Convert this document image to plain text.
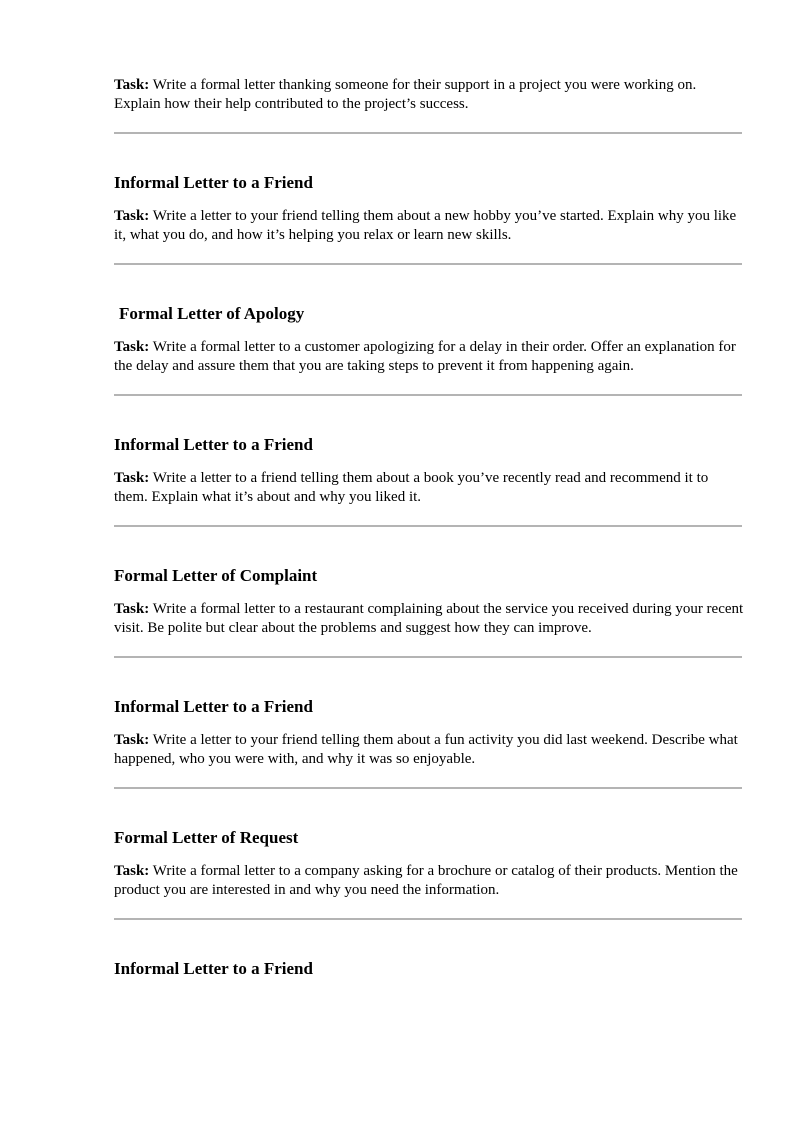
Task: Write a formal letter thanking someone for their support in a project you were working on. Explain how their help contributed to the project’s success.

Informal Letter to a Friend

Task: Write a letter to your friend telling them about a new hobby you’ve started. Explain why you like it, what you do, and how it’s helping you relax or learn new skills.

Formal Letter of Apology

Task: Write a formal letter to a customer apologizing for a delay in their order. Offer an explanation for the delay and assure them that you are taking steps to prevent it from happening again.

Informal Letter to a Friend

Task: Write a letter to a friend telling them about a book you’ve recently read and recommend it to them. Explain what it’s about and why you liked it.

Formal Letter of Complaint

Task: Write a formal letter to a restaurant complaining about the service you received during your recent visit. Be polite but clear about the problems and suggest how they can improve.

Informal Letter to a Friend

Task: Write a letter to your friend telling them about a fun activity you did last weekend. Describe what happened, who you were with, and why it was so enjoyable.

Formal Letter of Request

Task: Write a formal letter to a company asking for a brochure or catalog of their products. Mention the product you are interested in and why you need the information.

Informal Letter to a Friend
